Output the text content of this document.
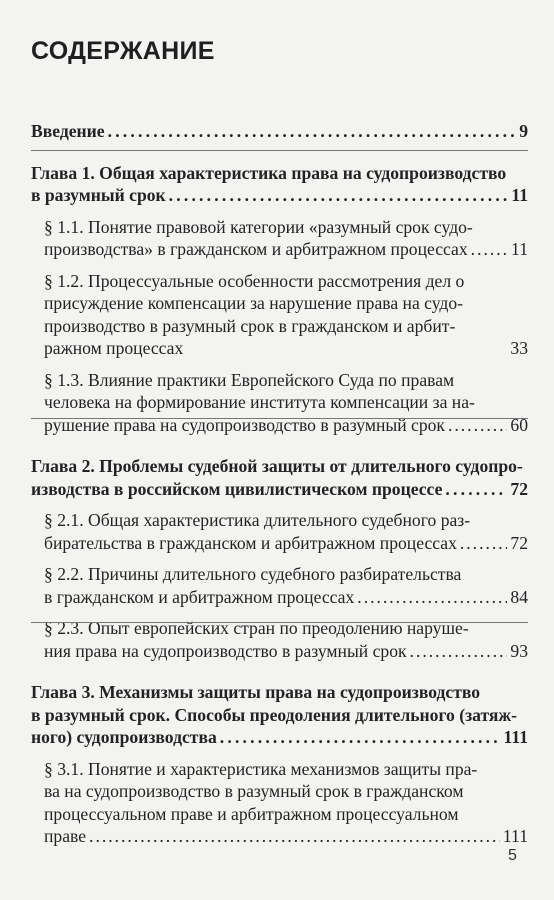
СОДЕРЖАНИЕ
Введение . . .	9
Глава 1. Общая характеристика права на судопроизводство
в разумный срок . . .	11
§ 1.1. Понятие правовой категории «разумный срок судо-
производства» в гражданском и арбитражном процессах . . . 11
§ 1.2. Процессуальные особенности рассмотрения дел о
присуждение компенсации за нарушение права на судо-
производство в разумный срок в гражданском и арбит-
ражном процессах	33
§ 1.3. Влияние практики Европейского Суда по правам
человека на формирование института компенсации за на-
рушение права на судопроизводство в разумный срок . . .	60
Глава 2. Проблемы судебной защиты от длительного судопро-
изводства в российском цивилистическом процессе . . .	72
§ 2.1. Общая характеристика длительного судебного раз-
бирательства в гражданском и арбитражном процессах . . .	72
§ 2.2. Причины длительного судебного разбирательства
в гражданском и арбитражном процессах . . .	84
§ 2.3. Опыт европейских стран по преодолению наруше-
ния права на судопроизводство в разумный срок . . .	93
Глава 3. Механизмы защиты права на судопроизводство
в разумный срок. Способы преодоления длительного (затяж-
ного) судопроизводства . . .	111
§ 3.1. Понятие и характеристика механизмов защиты пра-
ва на судопроизводство в разумный срок в гражданском
процессуальном праве и арбитражном процессуальном
праве . . .	111
5
